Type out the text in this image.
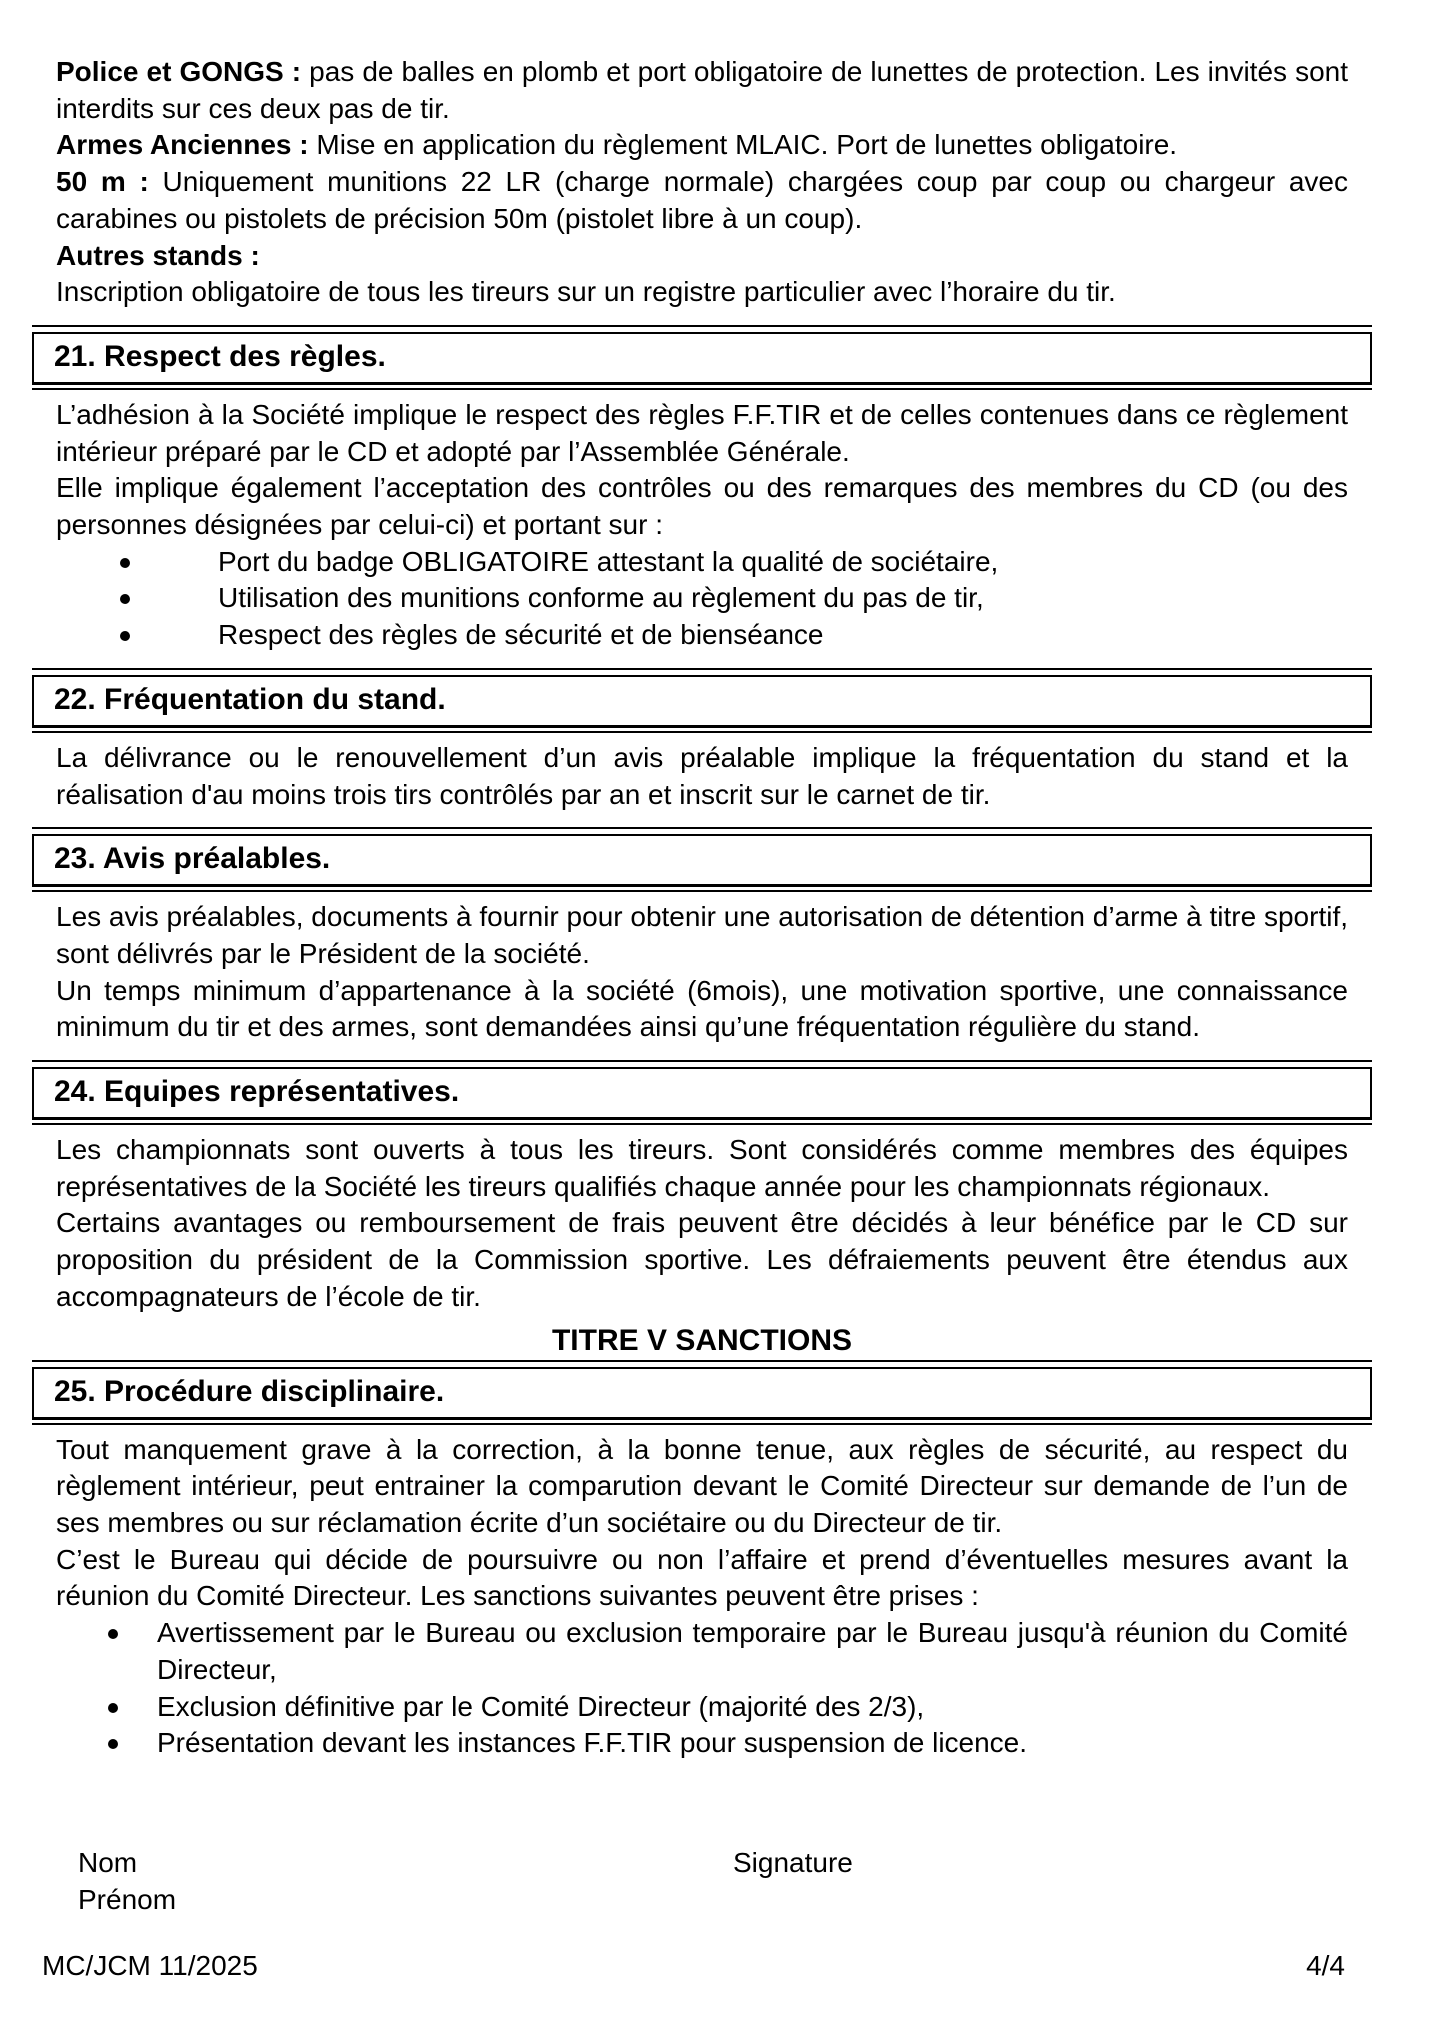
Police et GONGS : pas de balles en plomb et port obligatoire de lunettes de protection. Les invités sont interdits sur ces deux pas de tir.

Armes Anciennes : Mise en application du règlement MLAIC. Port de lunettes obligatoire.

50 m : Uniquement munitions 22 LR (charge normale) chargées coup par coup ou chargeur avec carabines ou pistolets de précision 50m (pistolet libre à un coup).

Autres stands :

Inscription obligatoire de tous les tireurs sur un registre particulier avec l’horaire du tir.

21. Respect des règles.

L’adhésion à la Société implique le respect des règles F.F.TIR et de celles contenues dans ce règlement intérieur préparé par le CD et adopté par l’Assemblée Générale.

Elle implique également l’acceptation des contrôles ou des remarques des membres du CD (ou des personnes désignées par celui-ci) et portant sur :

Port du badge OBLIGATOIRE attestant la qualité de sociétaire,
Utilisation des munitions conforme au règlement du pas de tir,
Respect des règles de sécurité et de bienséance
22. Fréquentation du stand.

La délivrance ou le renouvellement d’un avis préalable implique la fréquentation du stand et la réalisation d'au moins trois tirs contrôlés par an et inscrit sur le carnet de tir.

23. Avis préalables.

Les avis préalables, documents à fournir pour obtenir une autorisation de détention d’arme à titre sportif, sont délivrés par le Président de la société.

Un temps minimum d’appartenance à la société (6mois), une motivation sportive, une connaissance minimum du tir et des armes, sont demandées ainsi qu’une fréquentation régulière du stand.

24. Equipes représentatives.

Les championnats sont ouverts à tous les tireurs. Sont considérés comme membres des équipes représentatives de la Société les tireurs qualifiés chaque année pour les championnats régionaux.

Certains avantages ou remboursement de frais peuvent être décidés à leur bénéfice par le CD sur proposition du président de la Commission sportive. Les défraiements peuvent être étendus aux accompagnateurs de l’école de tir.

TITRE V SANCTIONS
25. Procédure disciplinaire.

Tout manquement grave à la correction, à la bonne tenue, aux règles de sécurité, au respect du règlement intérieur, peut entrainer la comparution devant le Comité Directeur sur demande de l’un de ses membres ou sur réclamation écrite d’un sociétaire ou du Directeur de tir.

C’est le Bureau qui décide de poursuivre ou non l’affaire et prend d’éventuelles mesures avant la réunion du Comité Directeur. Les sanctions suivantes peuvent être prises :

Avertissement par le Bureau ou exclusion temporaire par le Bureau jusqu'à réunion du Comité Directeur,
Exclusion définitive par le Comité Directeur (majorité des 2/3),
Présentation devant les instances F.F.TIR pour suspension de licence.
Nom
Prénom
Signature
MC/JCM 11/2025	4/4
